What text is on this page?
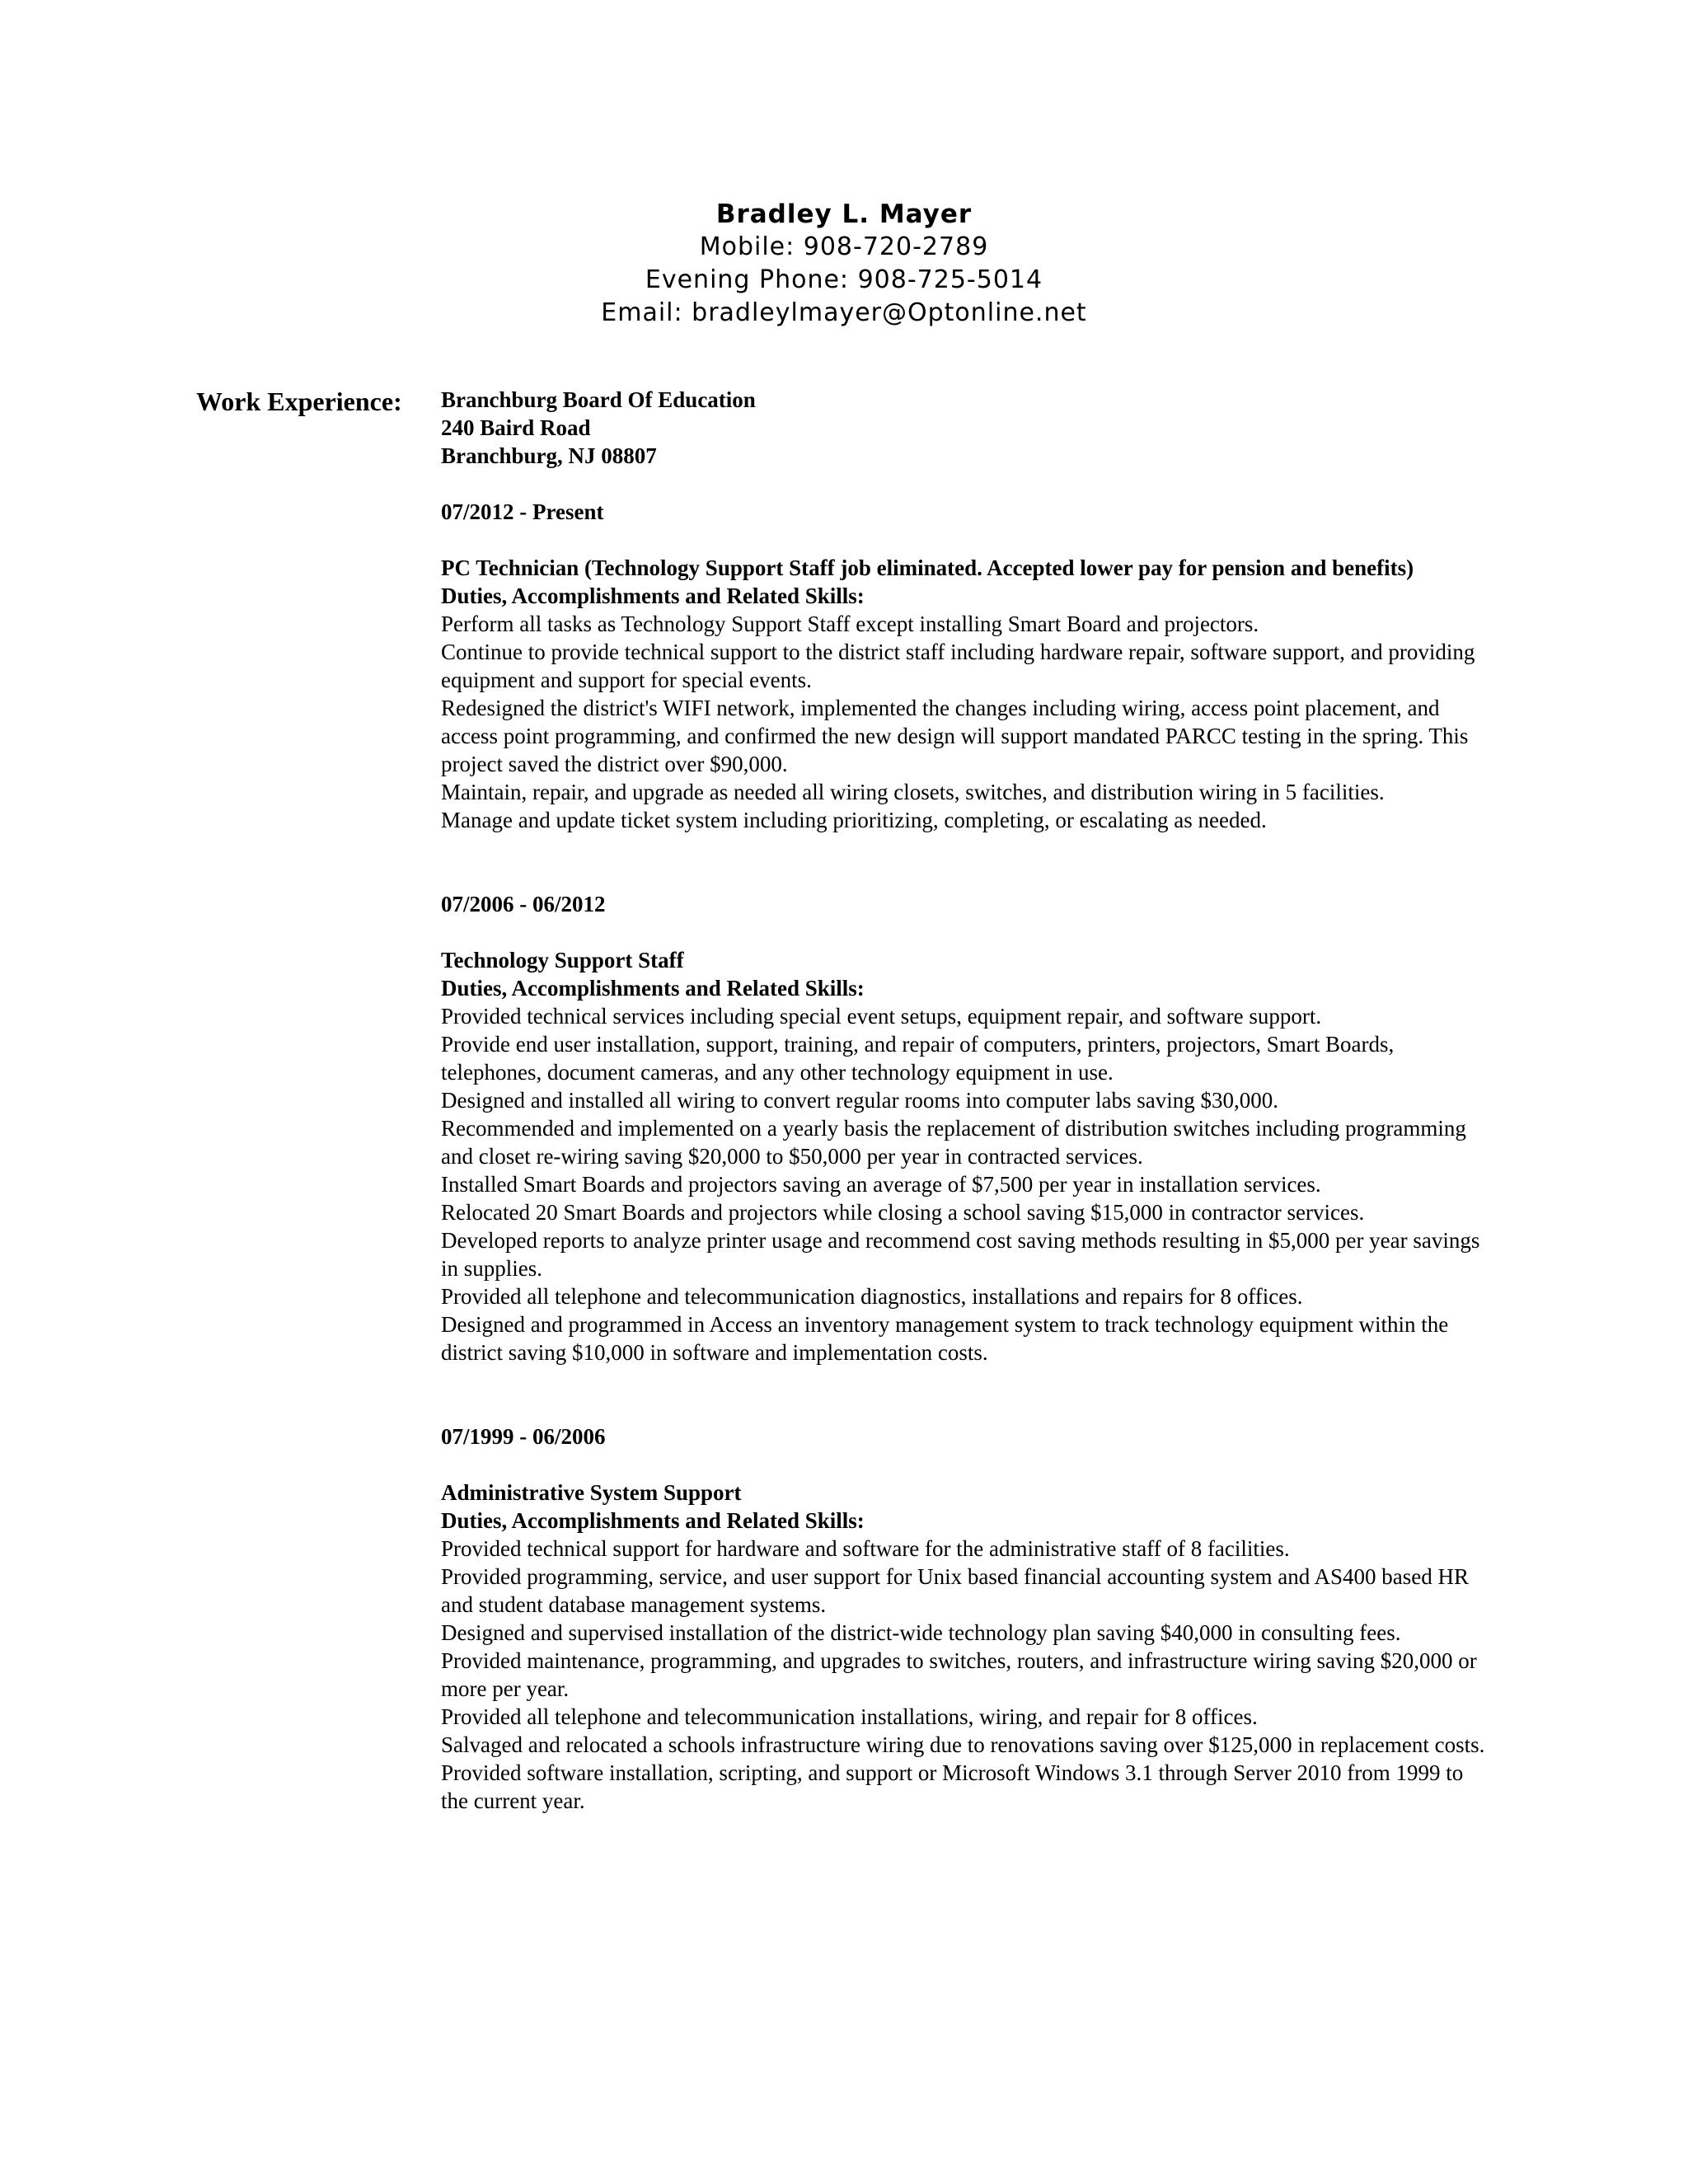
Bradley L. Mayer
Mobile: 908-720-2789
Evening Phone: 908-725-5014
Email: bradleylmayer@Optonline.net
Work Experience: Branchburg Board Of Education
240 Baird Road
Branchburg, NJ 08807
07/2012 - Present
PC Technician (Technology Support Staff job eliminated. Accepted lower pay for pension and benefits)
Duties, Accomplishments and Related Skills:

Perform all tasks as Technology Support Staff except installing Smart Board and projectors.

Continue to provide technical support to the district staff including hardware repair, software support, and providing equipment and support for special events.

Redesigned the district's WIFI network, implemented the changes including wiring, access point placement, and access point programming, and confirmed the new design will support mandated PARCC testing in the spring. This project saved the district over $90,000.

Maintain, repair, and upgrade as needed all wiring closets, switches, and distribution wiring in 5 facilities.

Manage and update ticket system including prioritizing, completing, or escalating as needed.

07/2006 - 06/2012
Technology Support Staff
Duties, Accomplishments and Related Skills:

Provided technical services including special event setups, equipment repair, and software support.

Provide end user installation, support, training, and repair of computers, printers, projectors, Smart Boards, telephones, document cameras, and any other technology equipment in use.

Designed and installed all wiring to convert regular rooms into computer labs saving $30,000.

Recommended and implemented on a yearly basis the replacement of distribution switches including programming and closet re-wiring saving $20,000 to $50,000 per year in contracted services.

Installed Smart Boards and projectors saving an average of $7,500 per year in installation services.

Relocated 20 Smart Boards and projectors while closing a school saving $15,000 in contractor services.

Developed reports to analyze printer usage and recommend cost saving methods resulting in $5,000 per year savings in supplies.

Provided all telephone and telecommunication diagnostics, installations and repairs for 8 offices.

Designed and programmed in Access an inventory management system to track technology equipment within the district saving $10,000 in software and implementation costs.

07/1999 - 06/2006
Administrative System Support
Duties, Accomplishments and Related Skills:

Provided technical support for hardware and software for the administrative staff of 8 facilities.

Provided programming, service, and user support for Unix based financial accounting system and AS400 based HR and student database management systems.

Designed and supervised installation of the district-wide technology plan saving $40,000 in consulting fees.

Provided maintenance, programming, and upgrades to switches, routers, and infrastructure wiring saving $20,000 or more per year.

Provided all telephone and telecommunication installations, wiring, and repair for 8 offices.

Salvaged and relocated a schools infrastructure wiring due to renovations saving over $125,000 in replacement costs.

Provided software installation, scripting, and support or Microsoft Windows 3.1 through Server 2010 from 1999 to the current year.
